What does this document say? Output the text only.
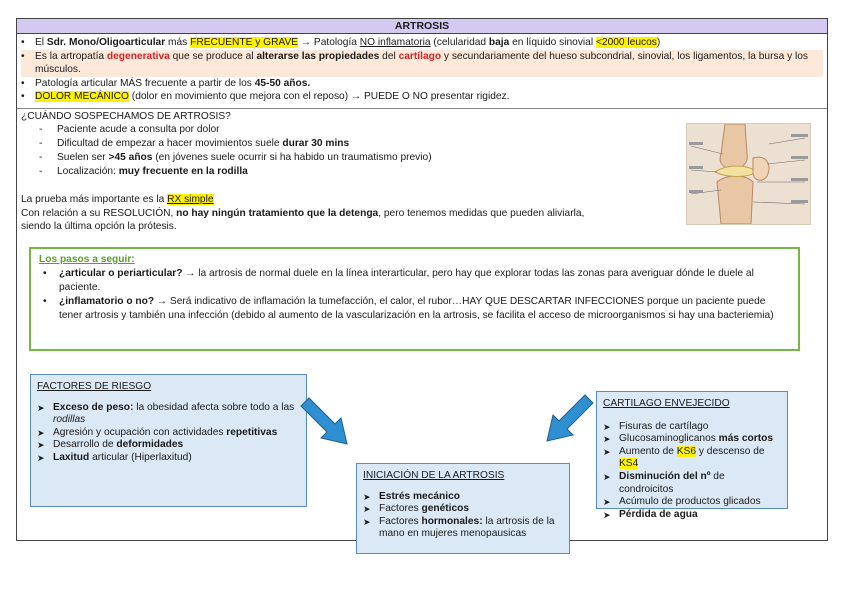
ARTROSIS
• El Sdr. Mono/Oligoarticular más FRECUENTE y GRAVE → Patología NO inflamatoria (celularidad baja en líquido sinovial <2000 leucos)
• Es la artropatía degenerativa que se produce al alterarse las propiedades del cartílago y secundariamente del hueso subcondrial, sinovial, los ligamentos, la bursa y los músculos.
• Patología articular MÁS frecuente a partir de los 45-50 años.
• DOLOR MECÁNICO (dolor en movimiento que mejora con el reposo) → PUEDE O NO presentar rigidez.
¿CUÁNDO SOSPECHAMOS DE ARTROSIS?
- Paciente acude a consulta por dolor
- Dificultad de empezar a hacer movimientos suele durar 30 mins
- Suelen ser >45 años (en jóvenes suele ocurrir si ha habido un traumatismo previo)
- Localización: muy frecuente en la rodilla
La prueba más importante es la RX simple
Con relación a su RESOLUCIÓN, no hay ningún tratamiento que la detenga, pero tenemos medidas que pueden aliviarla,
siendo la última opción la prótesis.
Los pasos a seguir:
• ¿articular o periarticular? → la artrosis de normal duele en la línea interarticular, pero hay que explorar todas las zonas para averiguar dónde le duele al paciente.
• ¿inflamatorio o no? → Será indicativo de inflamación la tumefacción, el calor, el rubor…HAY QUE DESCARTAR INFECCIONES porque un paciente puede tener artrosis y también una infección (debido al aumento de la vascularización en la artrosis, se facilita el acceso de microorganismos si hay una bacteriemia)
FACTORES DE RIESGO
➤ Exceso de peso: la obesidad afecta sobre todo a las rodillas
➤ Agresión y ocupación con actividades repetitivas
➤ Desarrollo de deformidades
➤ Laxitud articular (Hiperlaxitud)
INICIACIÓN DE LA ARTROSIS
➤ Estrés mecánico
➤ Factores genéticos
➤ Factores hormonales: la artrosis de la mano en mujeres menopausicas
CARTILAGO ENVEJECIDO
➤ Fisuras de cartílago
➤ Glucosaminoglicanos más cortos
➤ Aumento de KS6 y descenso de KS4
➤ Disminución del nº de condroicitos
➤ Acúmulo de productos glicados
➤ Pérdida de agua
